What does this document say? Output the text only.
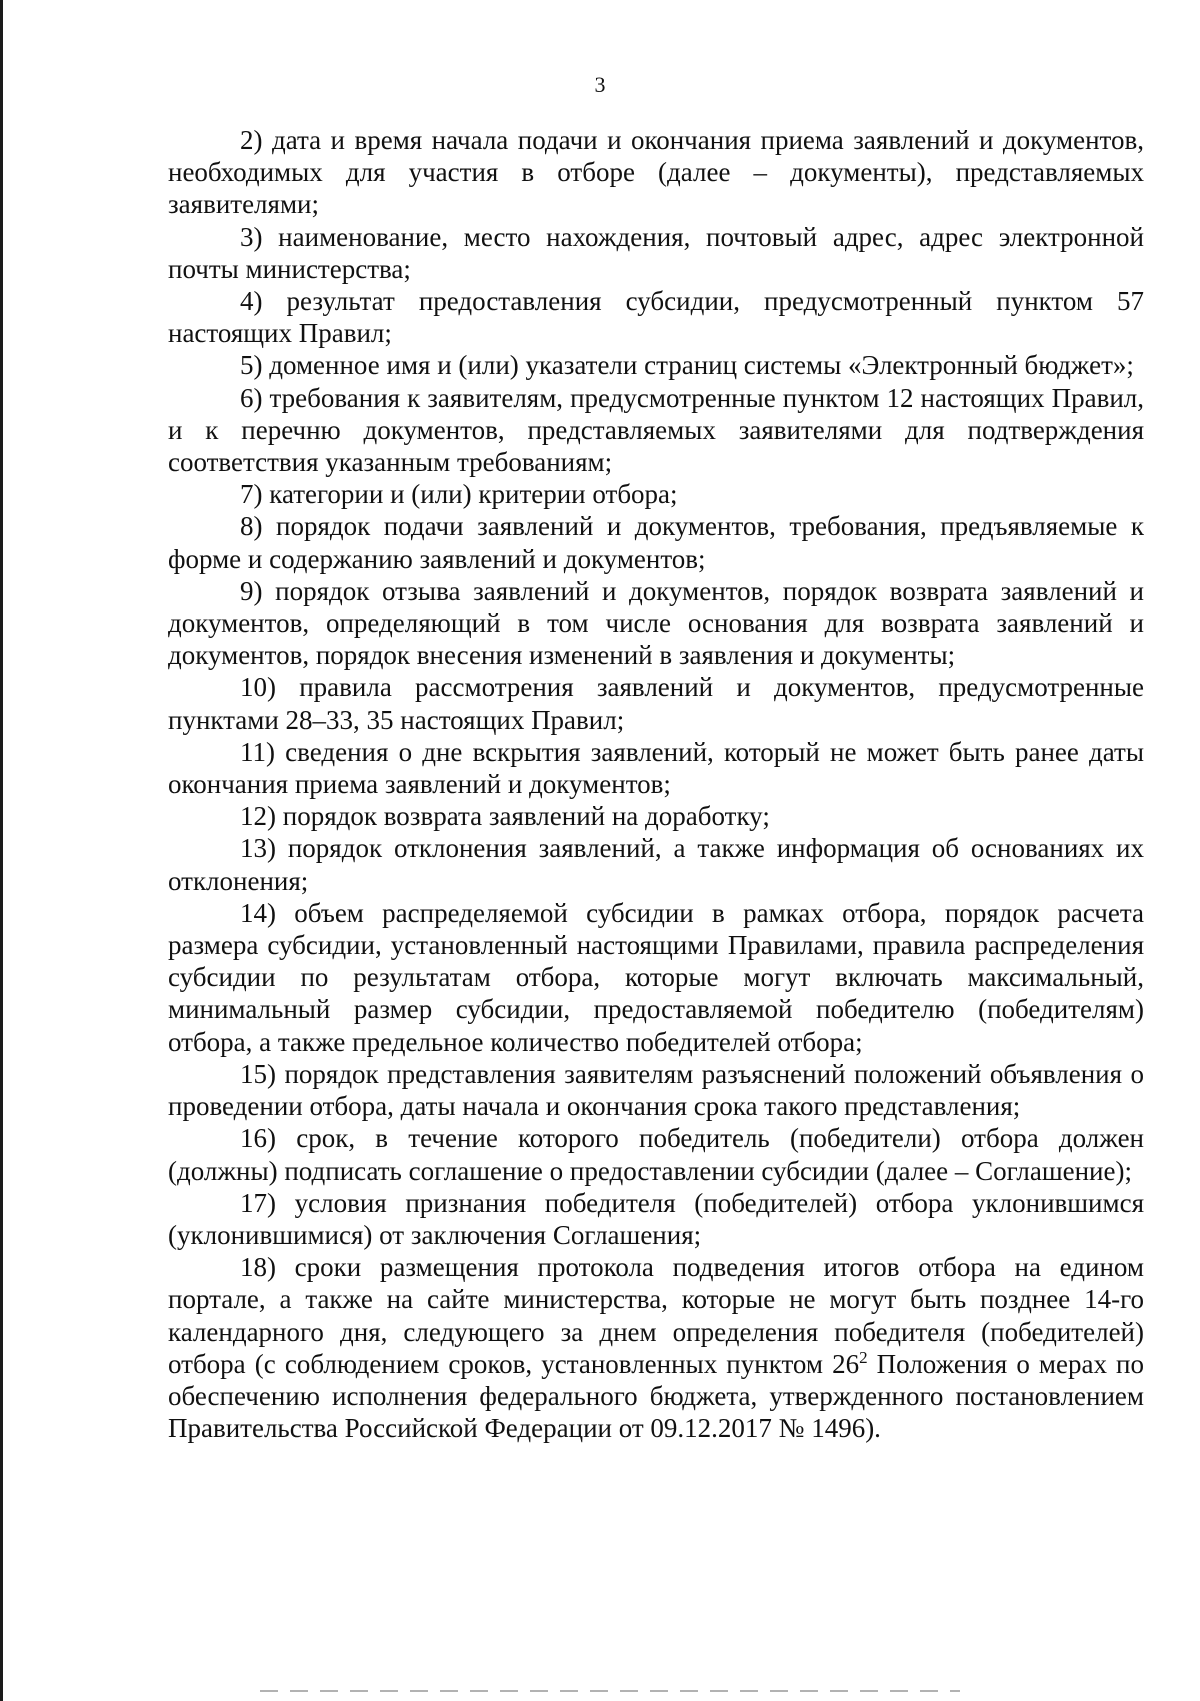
3

2) дата и время начала подачи и окончания приема заявлений и документов, необходимых для участия в отборе (далее – документы), представляемых заявителями;

3) наименование, место нахождения, почтовый адрес, адрес электронной почты министерства;

4) результат предоставления субсидии, предусмотренный пунктом 57 настоящих Правил;

5) доменное имя и (или) указатели страниц системы «Электронный бюджет»;

6) требования к заявителям, предусмотренные пунктом 12 настоящих Правил, и к перечню документов, представляемых заявителями для подтверждения соответствия указанным требованиям;

7) категории и (или) критерии отбора;

8) порядок подачи заявлений и документов, требования, предъявляемые к форме и содержанию заявлений и документов;

9) порядок отзыва заявлений и документов, порядок возврата заявлений и документов, определяющий в том числе основания для возврата заявлений и документов, порядок внесения изменений в заявления и документы;

10) правила рассмотрения заявлений и документов, предусмотренные пунктами 28–33, 35 настоящих Правил;

11) сведения о дне вскрытия заявлений, который не может быть ранее даты окончания приема заявлений и документов;

12) порядок возврата заявлений на доработку;

13) порядок отклонения заявлений, а также информация об основаниях их отклонения;

14) объем распределяемой субсидии в рамках отбора, порядок расчета размера субсидии, установленный настоящими Правилами, правила распределения субсидии по результатам отбора, которые могут включать максимальный, минимальный размер субсидии, предоставляемой победителю (победителям) отбора, а также предельное количество победителей отбора;

15) порядок представления заявителям разъяснений положений объявления о проведении отбора, даты начала и окончания срока такого представления;

16) срок, в течение которого победитель (победители) отбора должен (должны) подписать соглашение о предоставлении субсидии (далее – Соглашение);

17) условия признания победителя (победителей) отбора уклонившимся (уклонившимися) от заключения Соглашения;

18) сроки размещения протокола подведения итогов отбора на едином портале, а также на сайте министерства, которые не могут быть позднее 14-го календарного дня, следующего за днем определения победителя (победителей) отбора (с соблюдением сроков, установленных пунктом $26^2$ Положения о мерах по обеспечению исполнения федерального бюджета, утвержденного постановлением Правительства Российской Федерации от 09.12.2017 № 1496).
